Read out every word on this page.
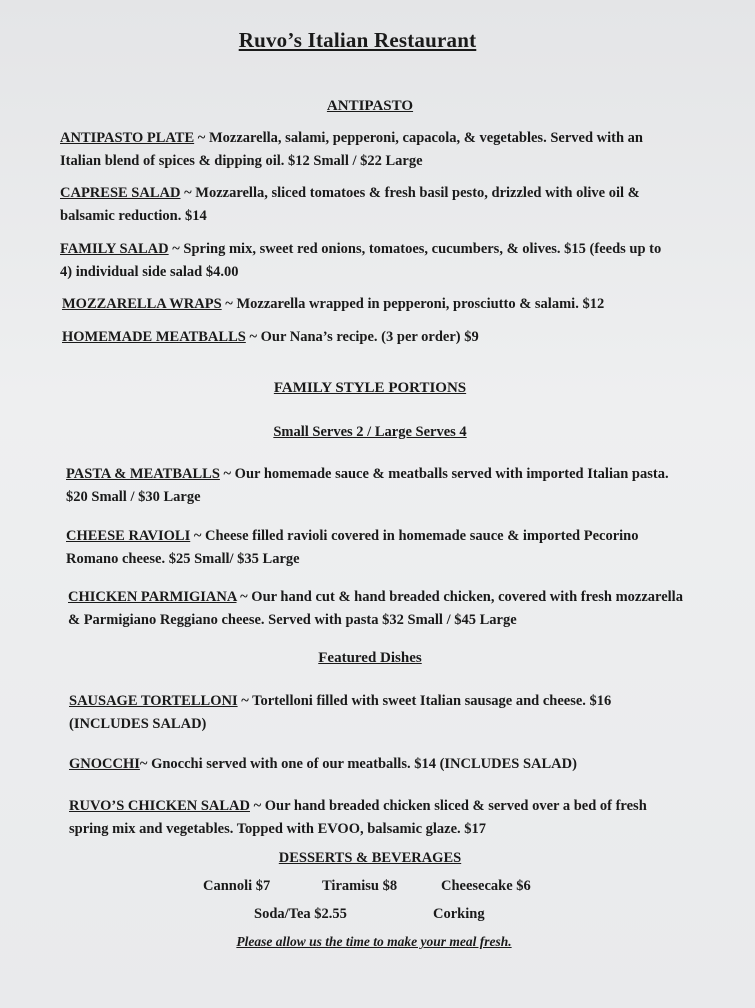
Ruvo’s Italian Restaurant
ANTIPASTO
ANTIPASTO PLATE ~ Mozzarella, salami, pepperoni, capacola, & vegetables. Served with an Italian blend of spices & dipping oil. $12 Small / $22 Large
CAPRESE SALAD ~ Mozzarella, sliced tomatoes & fresh basil pesto, drizzled with olive oil & balsamic reduction. $14
FAMILY SALAD ~ Spring mix, sweet red onions, tomatoes, cucumbers, & olives. $15 (feeds up to 4) individual side salad $4.00
MOZZARELLA WRAPS ~ Mozzarella wrapped in pepperoni, prosciutto & salami. $12
HOMEMADE MEATBALLS ~ Our Nana’s recipe. (3 per order) $9
FAMILY STYLE PORTIONS
Small Serves 2 / Large Serves 4
PASTA & MEATBALLS ~ Our homemade sauce & meatballs served with imported Italian pasta. $20 Small / $30 Large
CHEESE RAVIOLI ~ Cheese filled ravioli covered in homemade sauce & imported Pecorino Romano cheese. $25 Small/ $35 Large
CHICKEN PARMIGIANA ~ Our hand cut & hand breaded chicken, covered with fresh mozzarella & Parmigiano Reggiano cheese. Served with pasta $32 Small / $45 Large
Featured Dishes
SAUSAGE TORTELLONI ~ Tortelloni filled with sweet Italian sausage and cheese. $16 (INCLUDES SALAD)
GNOCCHI~ Gnocchi served with one of our meatballs. $14 (INCLUDES SALAD)
RUVO’S CHICKEN SALAD ~ Our hand breaded chicken sliced & served over a bed of fresh spring mix and vegetables. Topped with EVOO, balsamic glaze. $17
DESSERTS & BEVERAGES
Cannoli $7	Tiramisu $8	Cheesecake $6
Soda/Tea $2.55	Corking
Please allow us the time to make your meal fresh.
